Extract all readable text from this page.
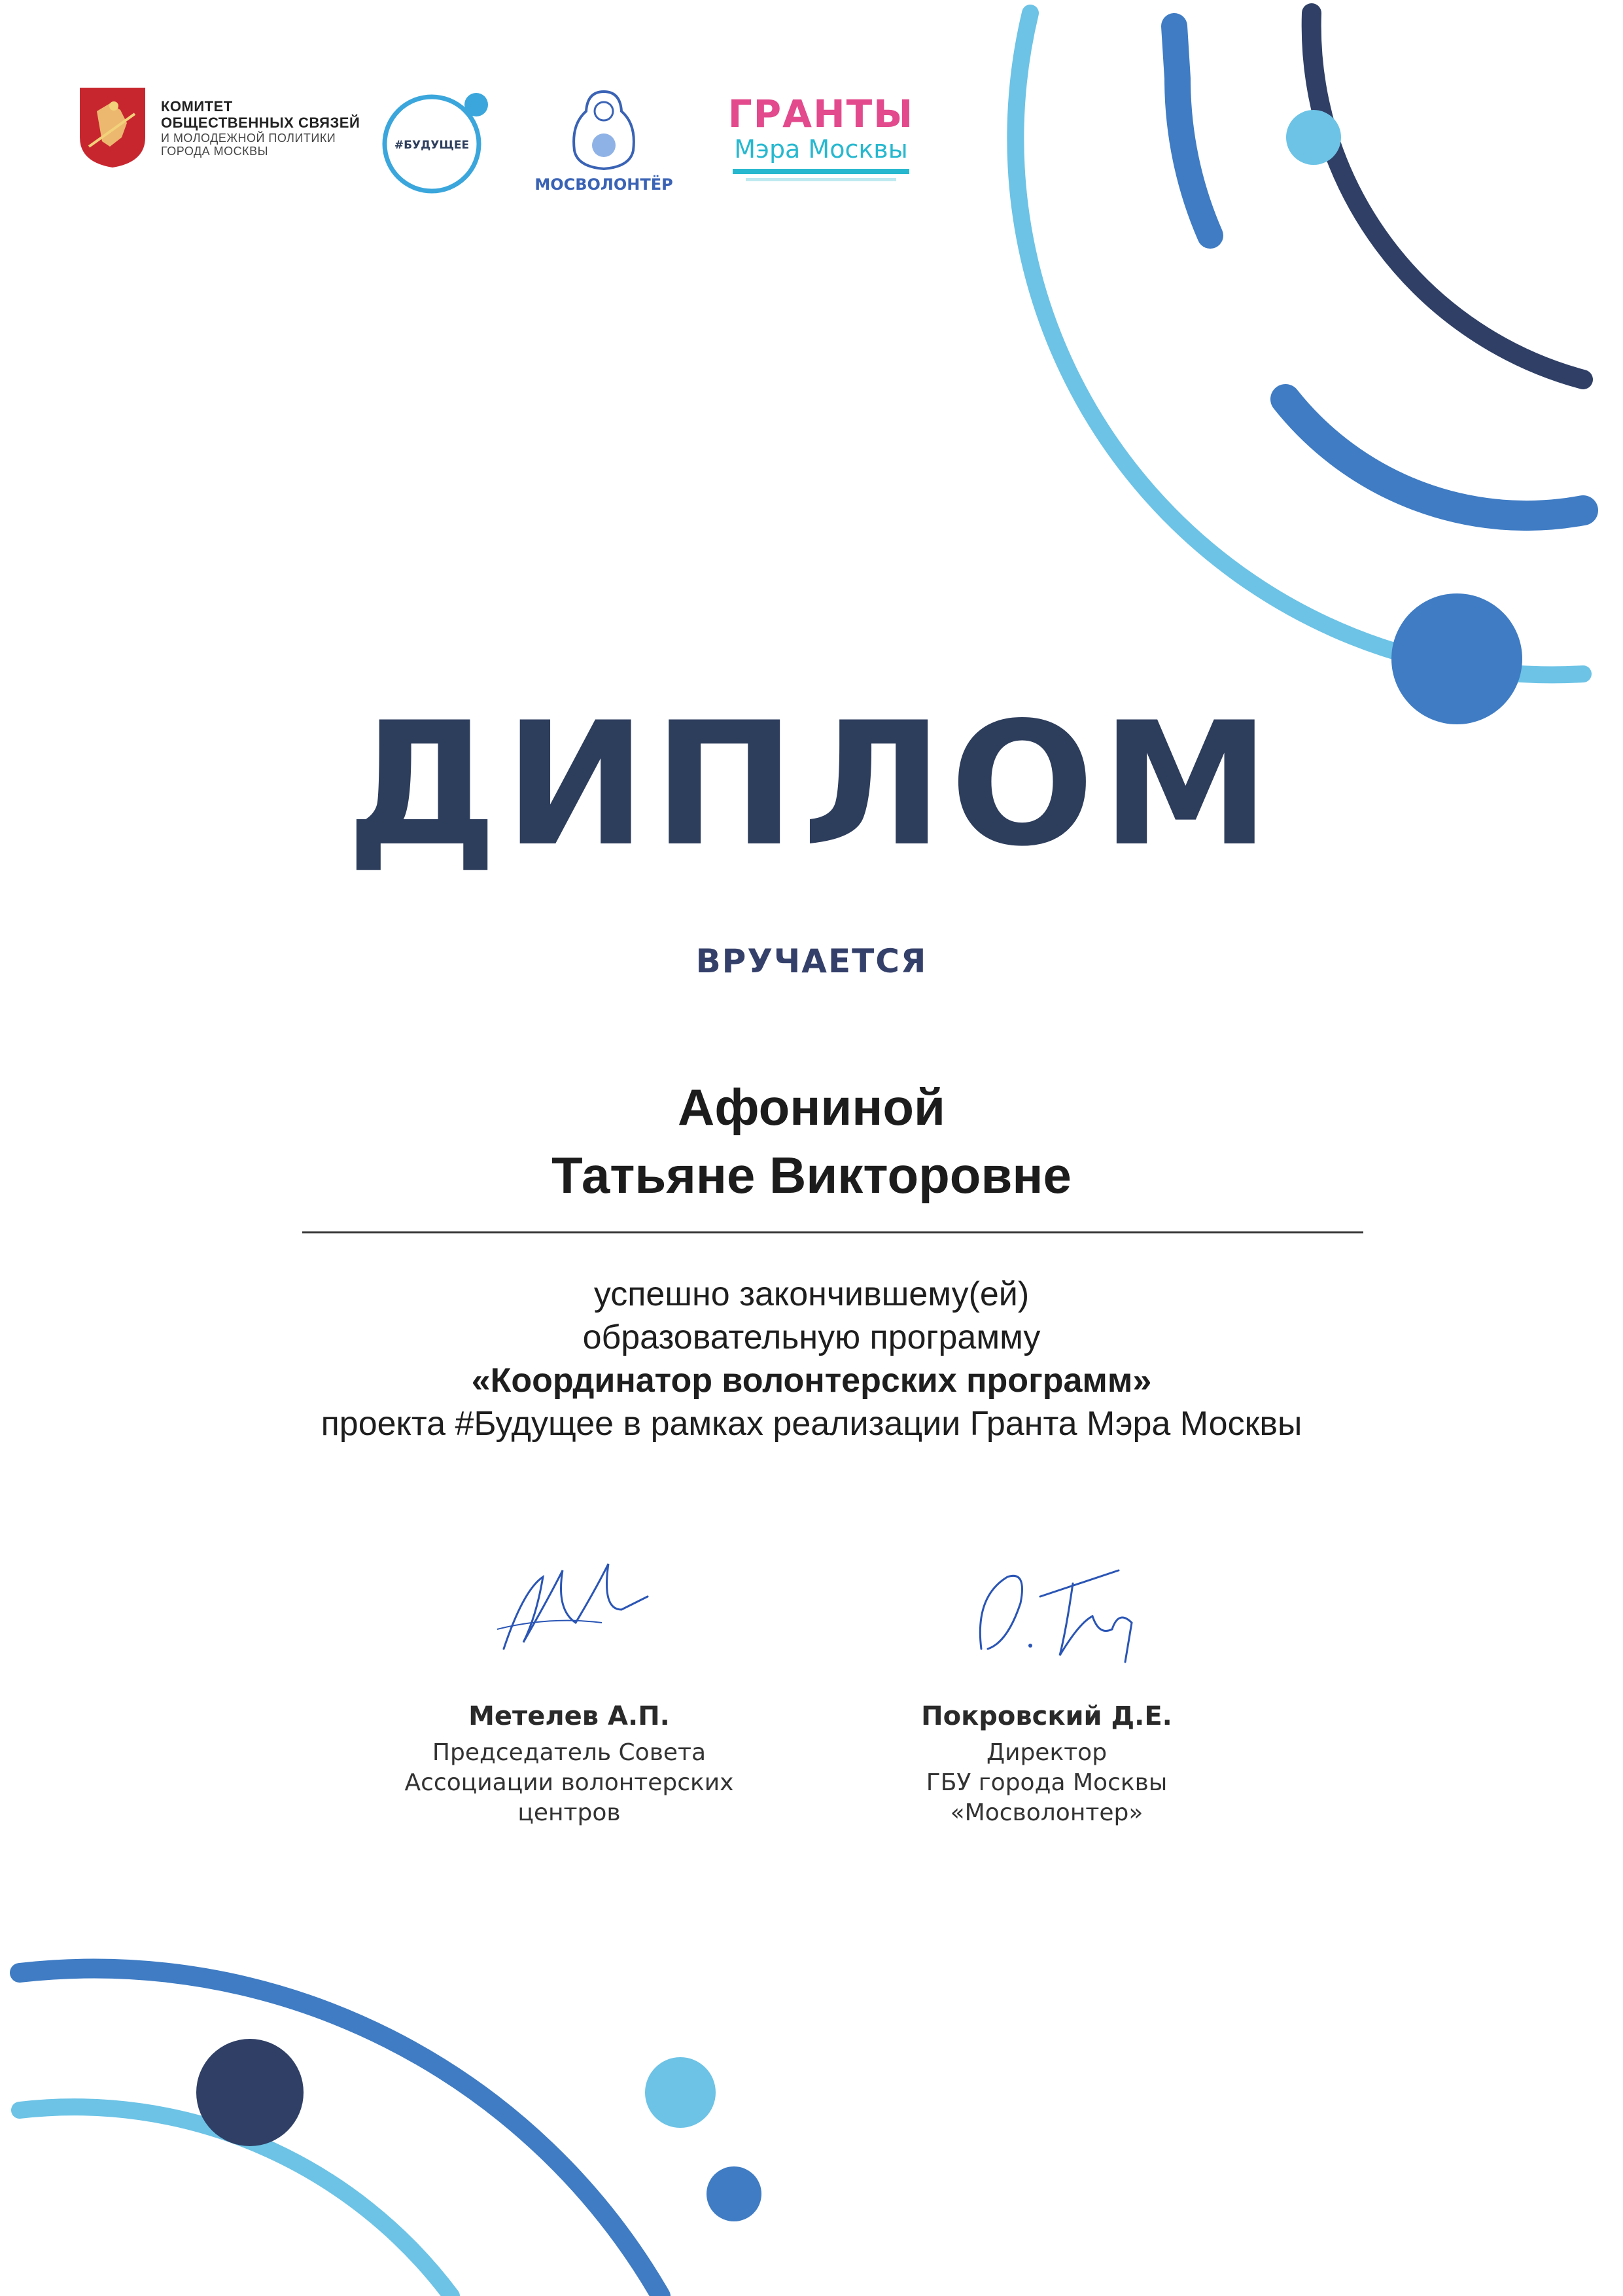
КОМИТЕТ
ОБЩЕСТВЕННЫХ СВЯЗЕЙ
И МОЛОДЕЖНОЙ ПОЛИТИКИ
ГОРОДА МОСКВЫ	#БУДУЩЕЕ
МОСВОЛОНТЁР
ГРАНТЫ
Мэра Москвы
ДИПЛОМ
ВРУЧАЕТСЯ
Афониной
Татьяне Викторовне
успешно закончившему(ей)
образовательную программу
«Координатор волонтерских программ»
проекта #Будущее в рамках реализации Гранта Мэра Москвы
Метелев А.П.
Председатель Совета
Ассоциации волонтерских
центров
Покровский Д.Е.
Директор
ГБУ города Москвы
«Мосволонтер»
